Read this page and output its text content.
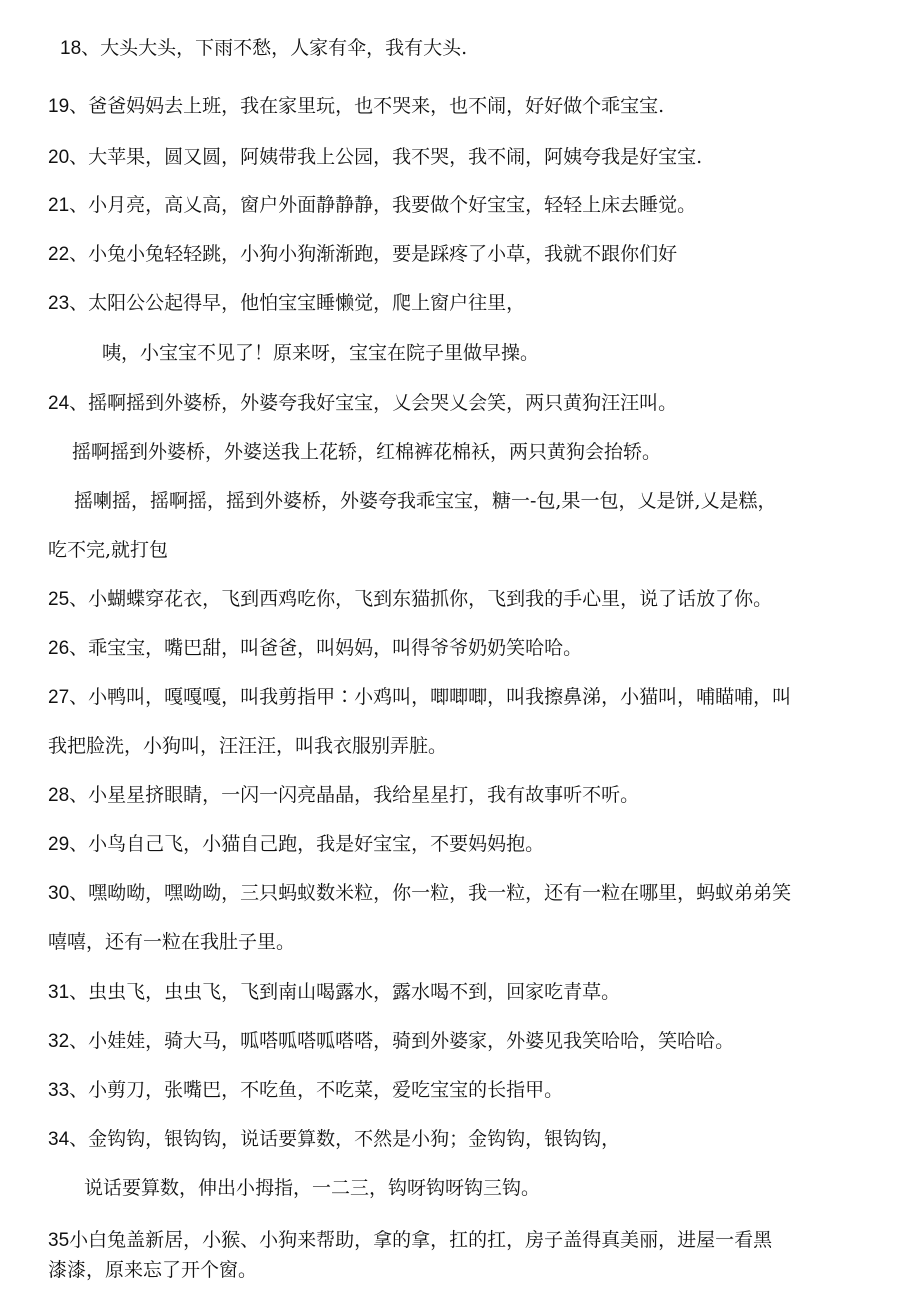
18、大头大头，下雨不愁，人家有伞，我有大头.
19、爸爸妈妈去上班，我在家里玩，也不哭来，也不闹，好好做个乖宝宝.
20、大苹果，圆又圆，阿姨带我上公园，我不哭，我不闹，阿姨夸我是好宝宝.
21、小月亮，高乂高，窗户外面静静静，我要做个好宝宝，轻轻上床去睡觉。
22、小兔小兔轻轻跳，小狗小狗渐渐跑，要是踩疼了小草，我就不跟你们好
23、太阳公公起得早，他怕宝宝睡懒觉，爬上窗户往里，
咦，小宝宝不见了！原来呀，宝宝在院子里做早操。
24、摇啊摇到外婆桥，外婆夸我好宝宝，乂会哭乂会笑，两只黄狗汪汪叫。
摇啊摇到外婆桥，外婆送我上花轿，红棉裤花棉袄，两只黄狗会抬轿。
摇喇摇，摇啊摇，摇到外婆桥，外婆夸我乖宝宝，糖一-包,果一包，乂是饼,乂是糕，
吃不完,就打包
25、小蝴蝶穿花衣，飞到西鸡吃你，飞到东猫抓你，飞到我的手心里，说了话放了你。
26、乖宝宝，嘴巴甜，叫爸爸，叫妈妈，叫得爷爷奶奶笑哈哈。
27、小鸭叫，嘎嘎嘎，叫我剪指甲∶小鸡叫，唧唧唧，叫我擦鼻涕，小猫叫，哺瞄哺，叫
我把脸洗，小狗叫，汪汪汪，叫我衣服别弄脏。
28、小星星挤眼睛，一闪一闪亮晶晶，我给星星打，我有故事听不听。
29、小鸟自己飞，小猫自己跑，我是好宝宝，不要妈妈抱。
30、嘿呦呦，嘿呦呦，三只蚂蚁数米粒，你一粒，我一粒，还有一粒在哪里，蚂蚁弟弟笑
嘻嘻，还有一粒在我肚子里。
31、虫虫飞，虫虫飞，飞到南山喝露水，露水喝不到，回家吃青草。
32、小娃娃，骑大马，呱嗒呱嗒呱嗒嗒，骑到外婆家，外婆见我笑哈哈，笑哈哈。
33、小剪刀，张嘴巴，不吃鱼，不吃菜，爱吃宝宝的长指甲。
34、金钩钩，银钩钩，说话要算数，不然是小狗；金钩钩，银钩钩，
说话要算数，伸出小拇指，一二三，钩呀钩呀钩三钩。
35小白兔盖新居，小猴、小狗来帮助，拿的拿，扛的扛，房子盖得真美丽，进屋一看黑
漆漆，原来忘了开个窗。
